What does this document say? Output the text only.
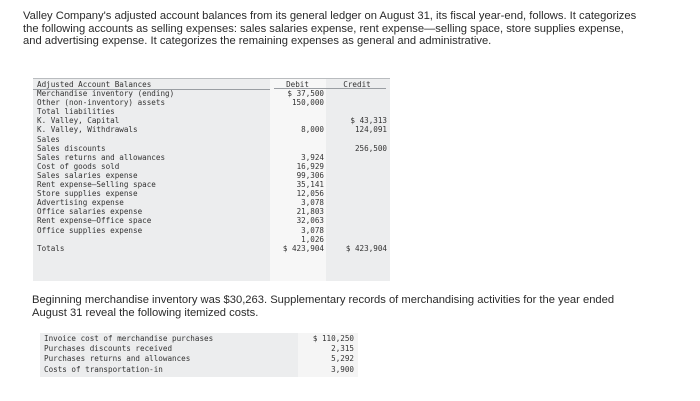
Valley Company's adjusted account balances from its general ledger on August 31, its fiscal year-end, follows. It categorizes the following accounts as selling expenses: sales salaries expense, rent expense—selling space, store supplies expense, and advertising expense. It categorizes the remaining expenses as general and administrative.

Adjusted Account Balances
Merchandise inventory (ending)
Other (non-inventory) assets
Total liabilities
K. Valley, Capital
K. Valley, Withdrawals
Sales
Sales discounts
Sales returns and allowances
Cost of goods sold
Sales salaries expense
Rent expense—Selling space
Store supplies expense
Advertising expense
Office salaries expense
Rent expense—Office space
Office supplies expense
Totals
Debit
$ 37,500
150,000
8,000
3,924
16,929
99,306
35,141
12,056
3,078
21,803
32,063
3,078
1,026
$ 423,904
Credit
$ 43,313
124,091
256,500
$ 423,904

Beginning merchandise inventory was $30,263. Supplementary records of merchandising activities for the year ended August 31 reveal the following itemized costs.

Invoice cost of merchandise purchases
Purchases discounts received
Purchases returns and allowances
Costs of transportation-in
$ 110,250
2,315
5,292
3,900
